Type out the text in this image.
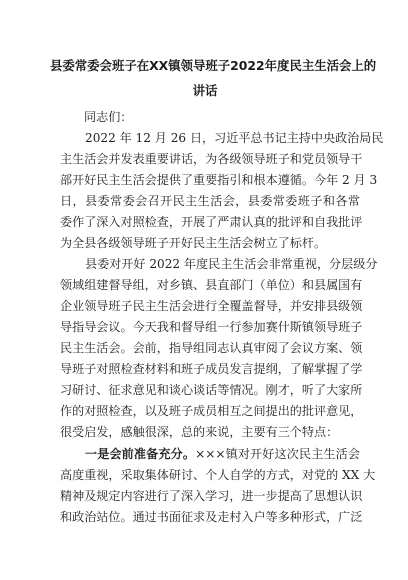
县委常委会班子在XX镇领导班子2022年度民主生活会上的
讲话
同志们：
2022 年 12 月 26 日，习近平总书记主持中央政治局民
主生活会并发表重要讲话，为各级领导班子和党员领导干
部开好民主生活会提供了重要指引和根本遵循。今年 2 月 3
日，县委常委会召开民主生活会，县委常委班子和各常
委作了深入对照检查，开展了严肃认真的批评和自我批评
为全县各级领导班子开好民主生活会树立了标杆。
县委对开好 2022 年度民主生活会非常重视，分层级分
领域组建督导组，对乡镇、县直部门（单位）和县属国有
企业领导班子民主生活会进行全覆盖督导，并安排县级领
导指导会议。今天我和督导组一行参加赛什斯镇领导班子
民主生活会。会前，指导组同志认真审阅了会议方案、领
导班子对照检查材料和班子成员发言提纲，了解掌握了学
习研讨、征求意见和谈心谈话等情况。刚才，听了大家所
作的对照检查，以及班子成员相互之间提出的批评意见，
很受启发，感触很深，总的来说，主要有三个特点：
一是会前准备充分。×××镇对开好这次民主生活会
高度重视，采取集体研讨、个人自学的方式，对党的 XX 大
精神及规定内容进行了深入学习，进一步提高了思想认识
和政治站位。通过书面征求及走村入户等多种形式，广泛
